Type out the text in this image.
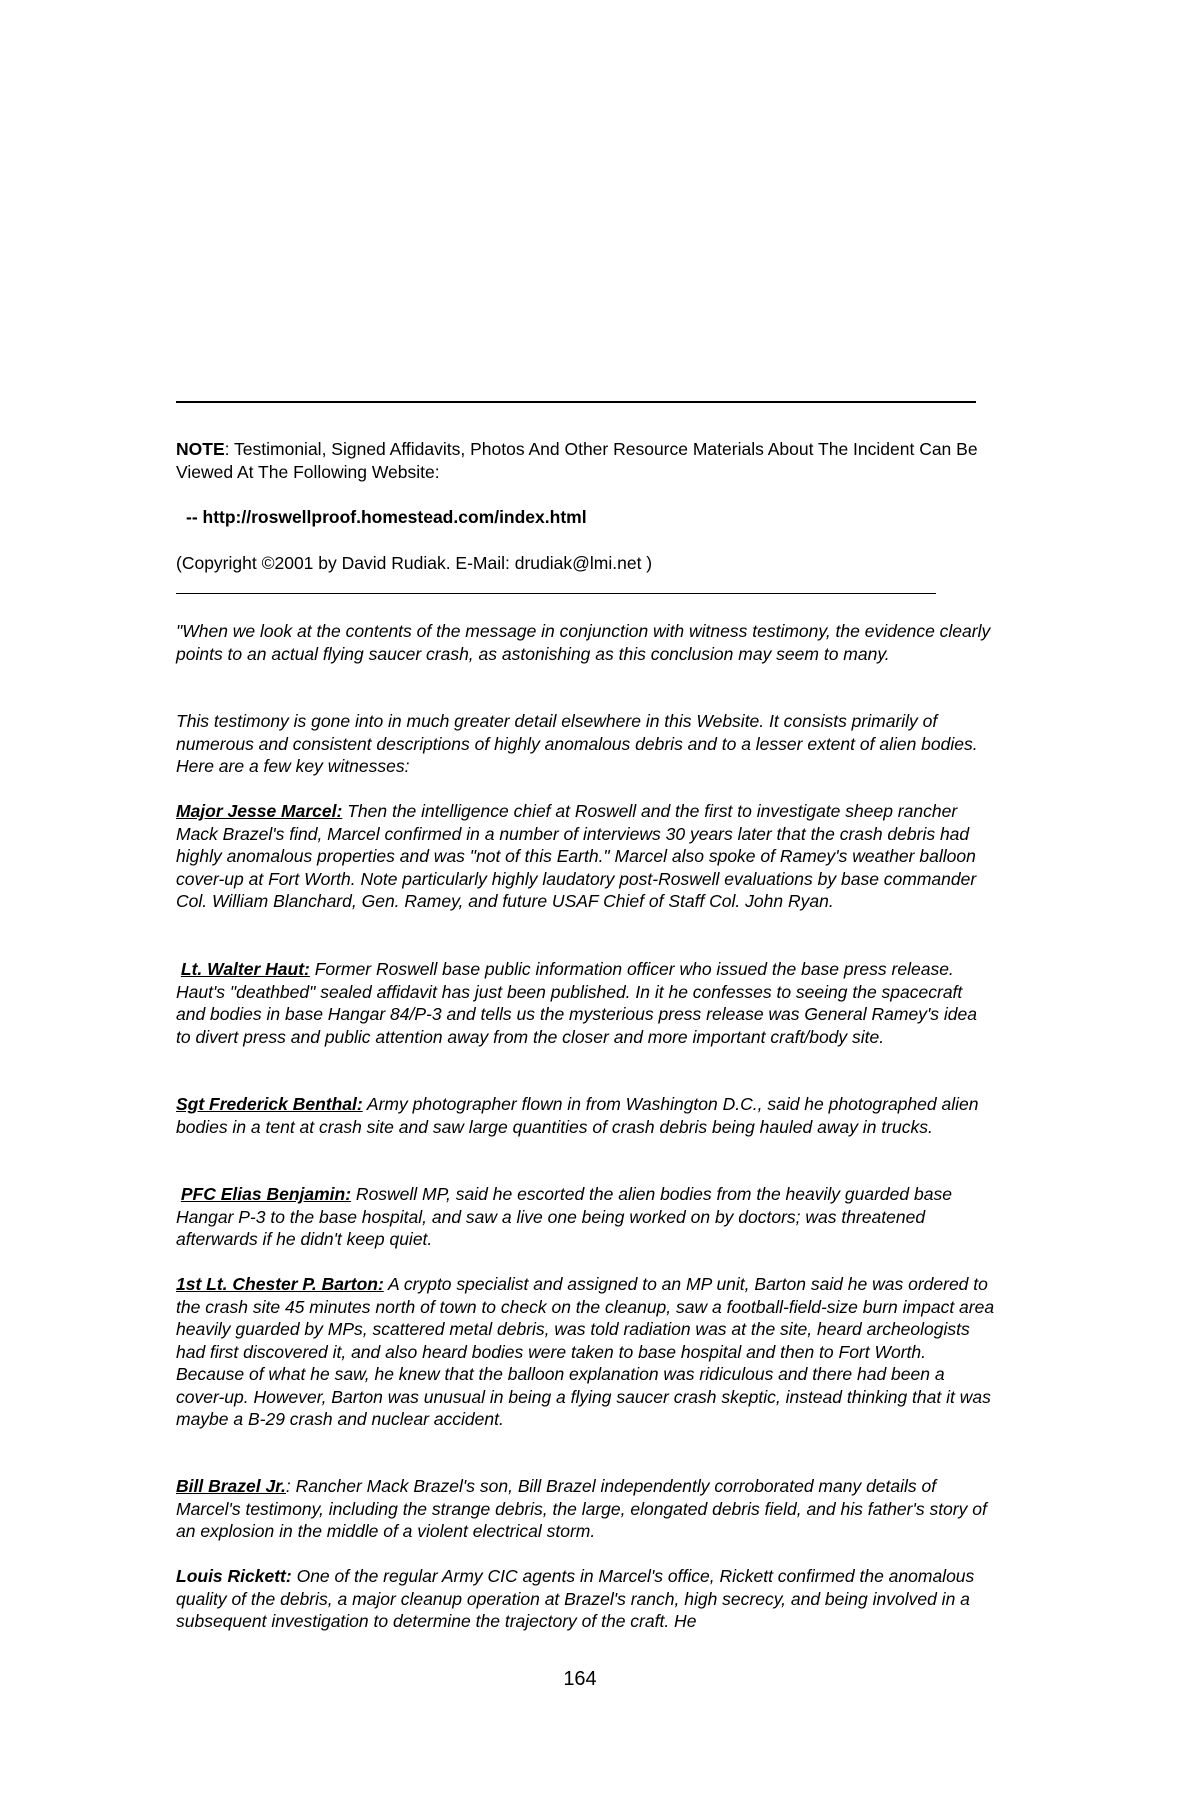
NOTE: Testimonial, Signed Affidavits, Photos And Other Resource Materials About The Incident Can Be Viewed At The Following Website:
-- http://roswellproof.homestead.com/index.html
(Copyright ©2001 by David Rudiak. E-Mail: drudiak@lmi.net )
"When we look at the contents of the message in conjunction with witness testimony, the evidence clearly points to an actual flying saucer crash, as astonishing as this conclusion may seem to many.
This testimony is gone into in much greater detail elsewhere in this Website. It consists primarily of numerous and consistent descriptions of highly anomalous debris and to a lesser extent of alien bodies. Here are a few key witnesses:
Major Jesse Marcel: Then the intelligence chief at Roswell and the first to investigate sheep rancher Mack Brazel's find, Marcel confirmed in a number of interviews 30 years later that the crash debris had highly anomalous properties and was "not of this Earth." Marcel also spoke of Ramey's weather balloon cover-up at Fort Worth. Note particularly highly laudatory post-Roswell evaluations by base commander Col. William Blanchard, Gen. Ramey, and future USAF Chief of Staff Col. John Ryan.
Lt. Walter Haut: Former Roswell base public information officer who issued the base press release. Haut's "deathbed" sealed affidavit has just been published. In it he confesses to seeing the spacecraft and bodies in base Hangar 84/P-3 and tells us the mysterious press release was General Ramey's idea to divert press and public attention away from the closer and more important craft/body site.
Sgt Frederick Benthal: Army photographer flown in from Washington D.C., said he photographed alien bodies in a tent at crash site and saw large quantities of crash debris being hauled away in trucks.
PFC Elias Benjamin: Roswell MP, said he escorted the alien bodies from the heavily guarded base Hangar P-3 to the base hospital, and saw a live one being worked on by doctors; was threatened afterwards if he didn't keep quiet.
1st Lt. Chester P. Barton: A crypto specialist and assigned to an MP unit, Barton said he was ordered to the crash site 45 minutes north of town to check on the cleanup, saw a football-field-size burn impact area heavily guarded by MPs, scattered metal debris, was told radiation was at the site, heard archeologists had first discovered it, and also heard bodies were taken to base hospital and then to Fort Worth. Because of what he saw, he knew that the balloon explanation was ridiculous and there had been a cover-up. However, Barton was unusual in being a flying saucer crash skeptic, instead thinking that it was maybe a B-29 crash and nuclear accident.
Bill Brazel Jr.: Rancher Mack Brazel's son, Bill Brazel independently corroborated many details of Marcel's testimony, including the strange debris, the large, elongated debris field, and his father's story of an explosion in the middle of a violent electrical storm.
Louis Rickett: One of the regular Army CIC agents in Marcel's office, Rickett confirmed the anomalous quality of the debris, a major cleanup operation at Brazel's ranch, high secrecy, and being involved in a subsequent investigation to determine the trajectory of the craft. He
164
